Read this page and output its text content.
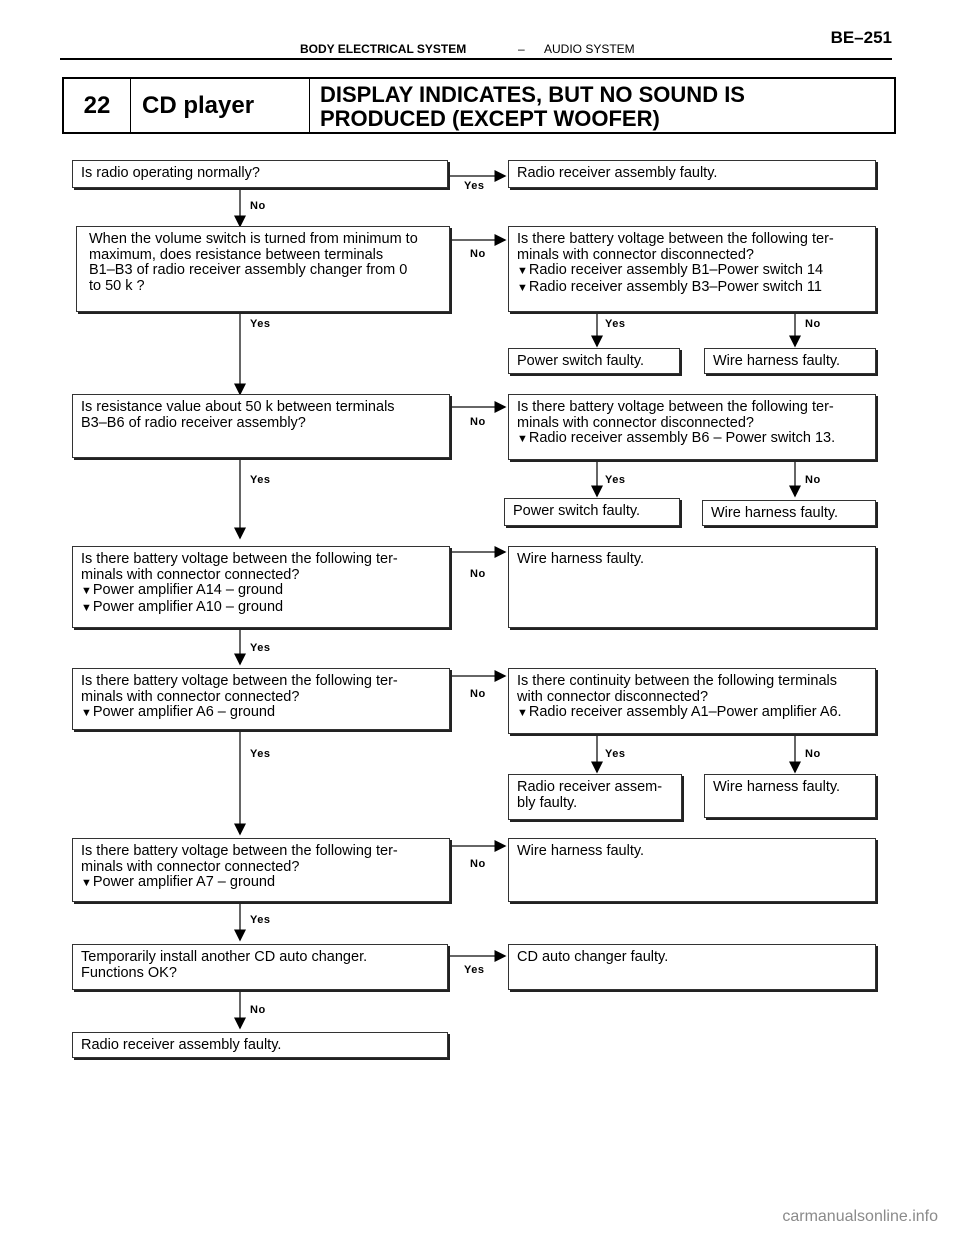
BODY ELECTRICAL SYSTEM	– AUDIO SYSTEM
BE–251
22	CD player	DISPLAY INDICATES, BUT NO SOUND IS
PRODUCED (EXCEPT WOOFER)
Yes
No
No
Yes	Yes	No
No
Yes	Yes	No
No
Yes
No
Yes	Yes	No
No
Yes
Yes
No
Is radio operating normally?
When the volume switch is turned from minimum to
maximum, does resistance between terminals
B1–B3 of radio receiver assembly changer from 0
to 50 k ?
Is resistance value about 50 k between terminals
B3–B6 of radio receiver assembly?
Is there battery voltage between the following ter-
minals with connector connected?
▼ Power amplifier A14 – ground
▼ Power amplifier A10 – ground
Is there battery voltage between the following ter-
minals with connector connected?
▼ Power amplifier A6 – ground
Is there battery voltage between the following ter-
minals with connector connected?
▼ Power amplifier A7 – ground
Temporarily install another CD auto changer.
Functions OK?
Radio receiver assembly faulty.
Radio receiver assembly faulty.
Is there battery voltage between the following ter-
minals with connector disconnected?
▼ Radio receiver assembly B1–Power switch 14
▼ Radio receiver assembly B3–Power switch 11
Power switch faulty.	Wire harness faulty.
Is there battery voltage between the following ter-
minals with connector disconnected?
▼ Radio receiver assembly B6 – Power switch 13.
Power switch faulty.	Wire harness faulty.
Wire harness faulty.
Is there continuity between the following terminals
with connector disconnected?
▼ Radio receiver assembly A1–Power amplifier A6.
Radio receiver assem-
bly faulty.
Wire harness faulty.
Wire harness faulty.
CD auto changer faulty.
carmanualsonline.info
